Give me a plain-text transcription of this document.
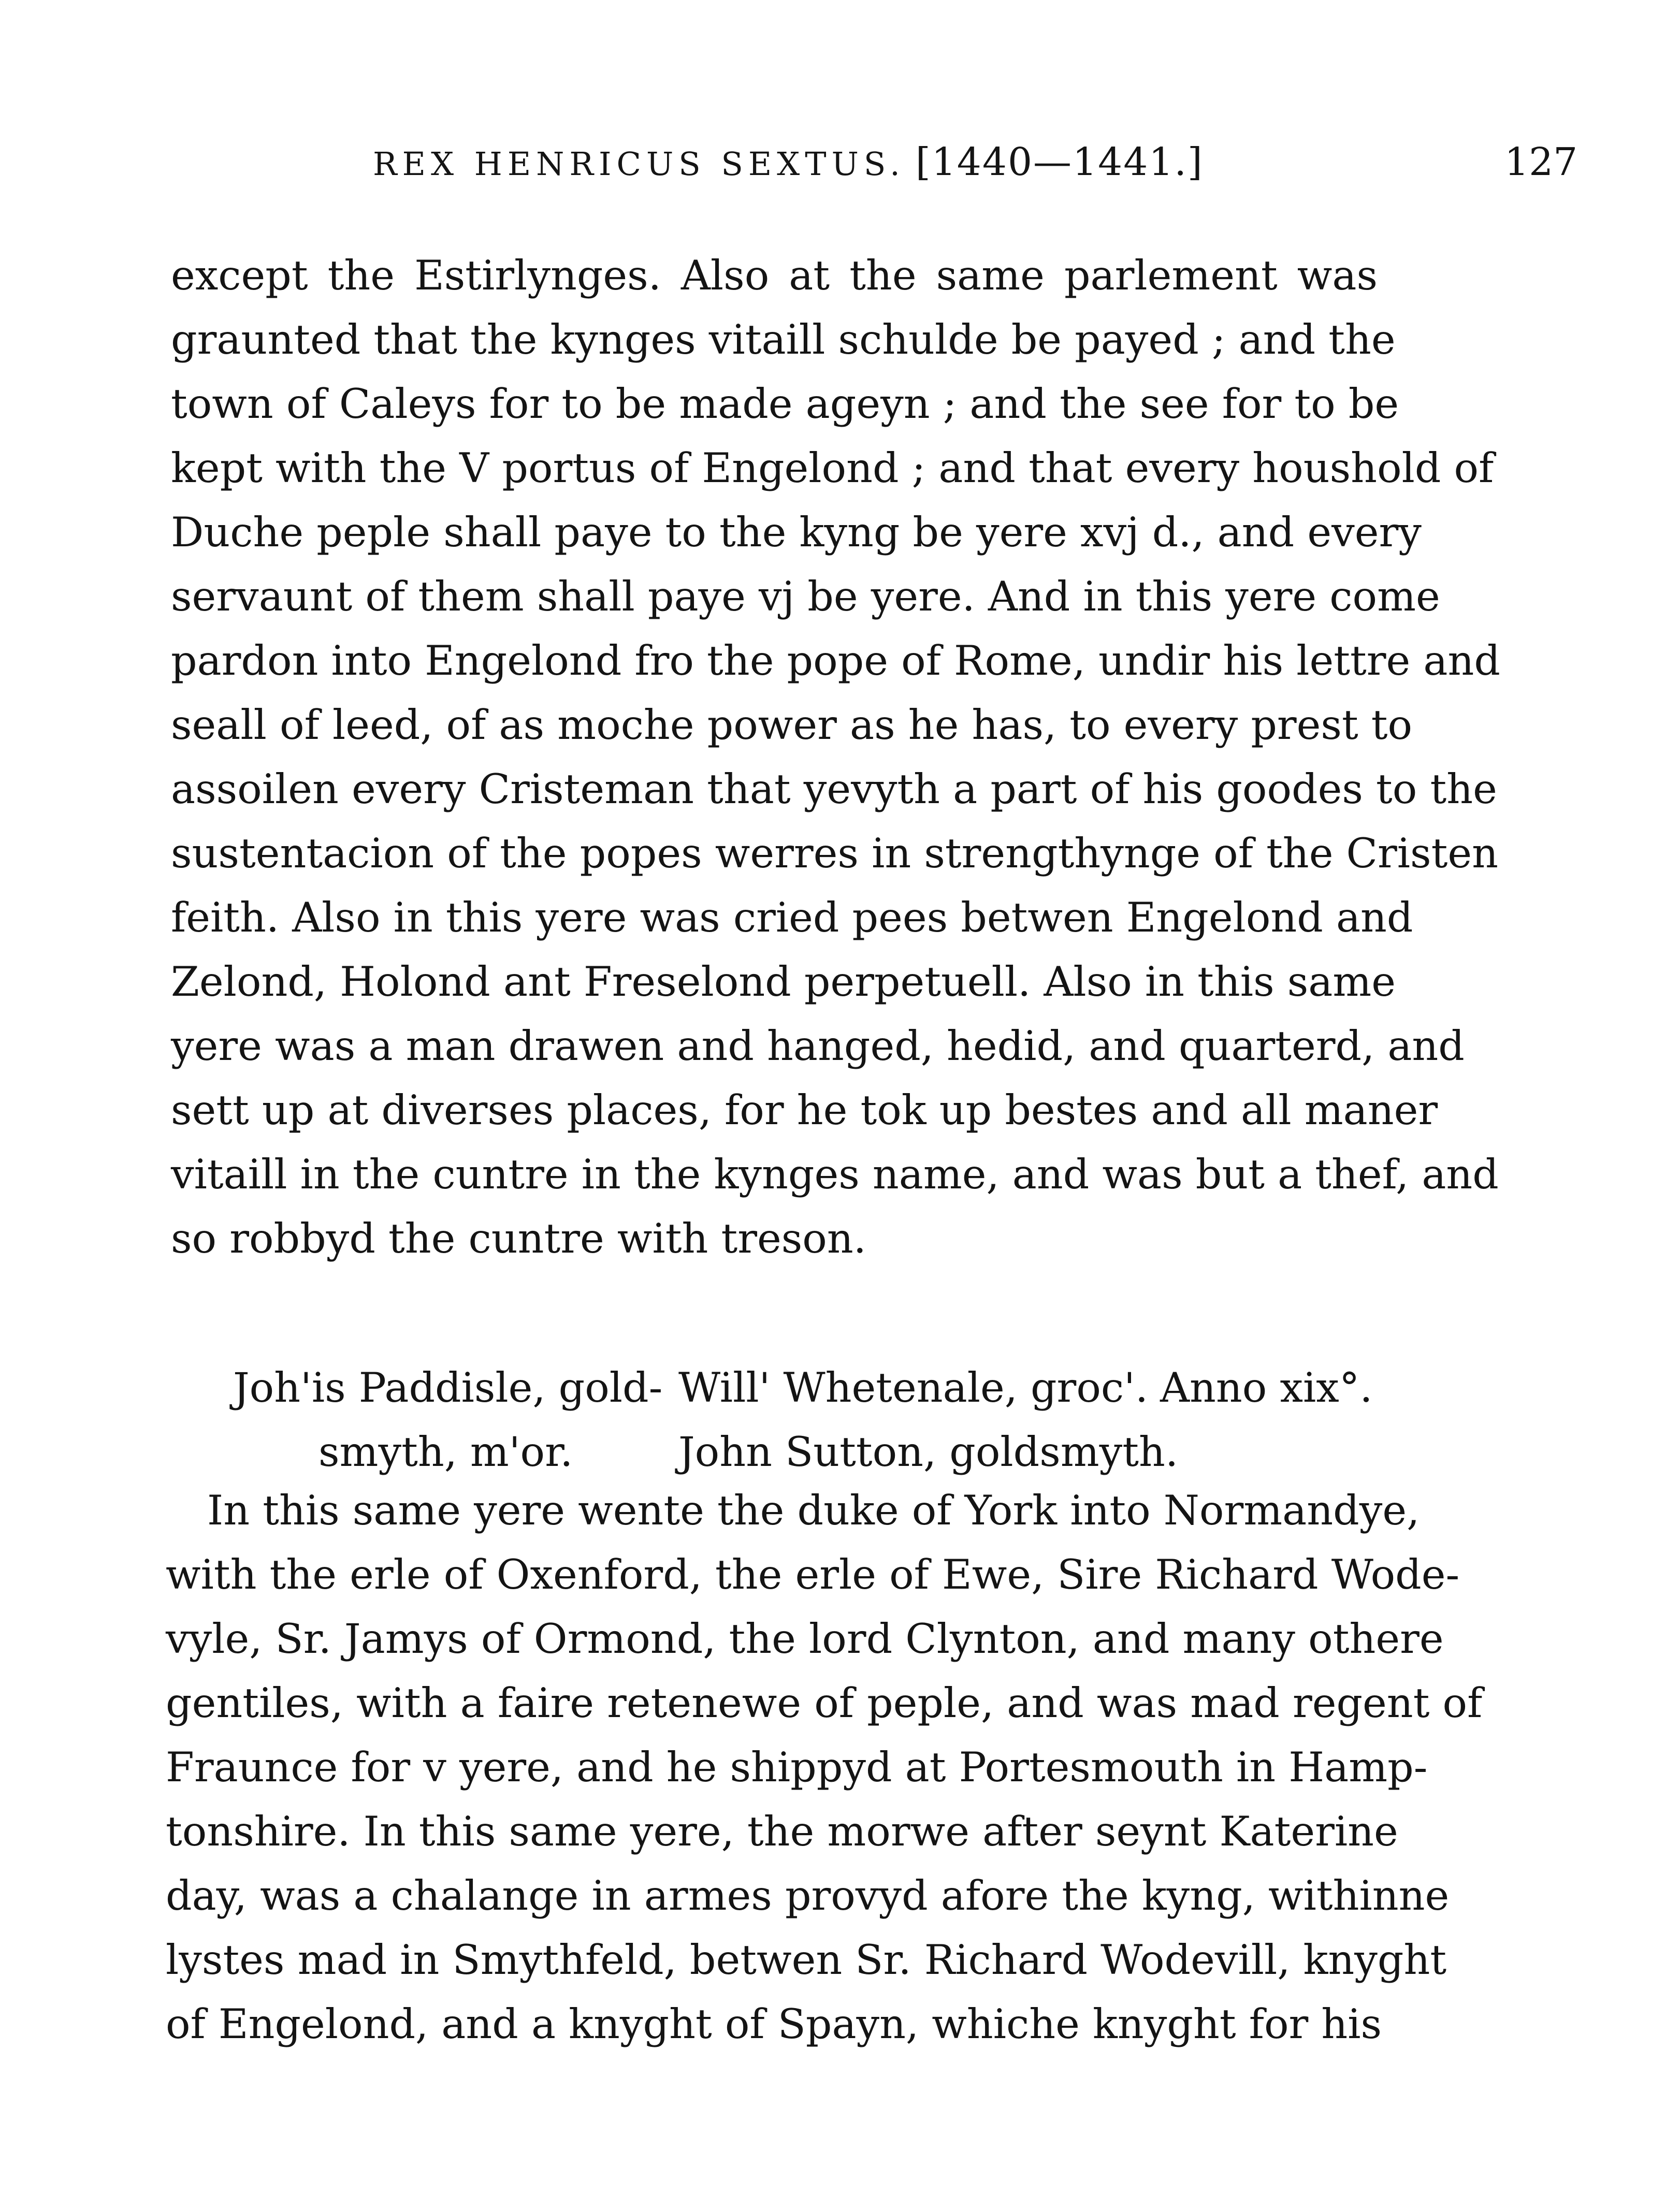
REX HENRICUS SEXTUS. [1440—1441.]	127
except the Estirlynges. Also at the same parlement was
graunted that the kynges vitaill schulde be payed ; and the
town of Caleys for to be made ageyn ; and the see for to be
kept with the V portus of Engelond ; and that every houshold of
Duche peple shall paye to the kyng be yere xvj d., and every
servaunt of them shall paye vj be yere. And in this yere come
pardon into Engelond fro the pope of Rome, undir his lettre and
seall of leed, of as moche power as he has, to every prest to
assoilen every Cristeman that yevyth a part of his goodes to the
sustentacion of the popes werres in strengthynge of the Cristen
feith. Also in this yere was cried pees betwen Engelond and
Zelond, Holond ant Freselond perpetuell. Also in this same
yere was a man drawen and hanged, hedid, and quarterd, and
sett up at diverses places, for he tok up bestes and all maner
vitaill in the cuntre in the kynges name, and was but a thef, and
so robbyd the cuntre with treson.
Joh'is Paddisle, gold-
smyth, m'or.
Will' Whetenale, groc'.
John Sutton, goldsmyth.
Anno xix°.
In this same yere wente the duke of York into Normandye,
with the erle of Oxenford, the erle of Ewe, Sire Richard Wode-
vyle, Sr. Jamys of Ormond, the lord Clynton, and many othere
gentiles, with a faire retenewe of peple, and was mad regent of
Fraunce for v yere, and he shippyd at Portesmouth in Hamp-
tonshire. In this same yere, the morwe after seynt Katerine
day, was a chalange in armes provyd afore the kyng, withinne
lystes mad in Smythfeld, betwen Sr. Richard Wodevill, knyght
of Engelond, and a knyght of Spayn, whiche knyght for his
